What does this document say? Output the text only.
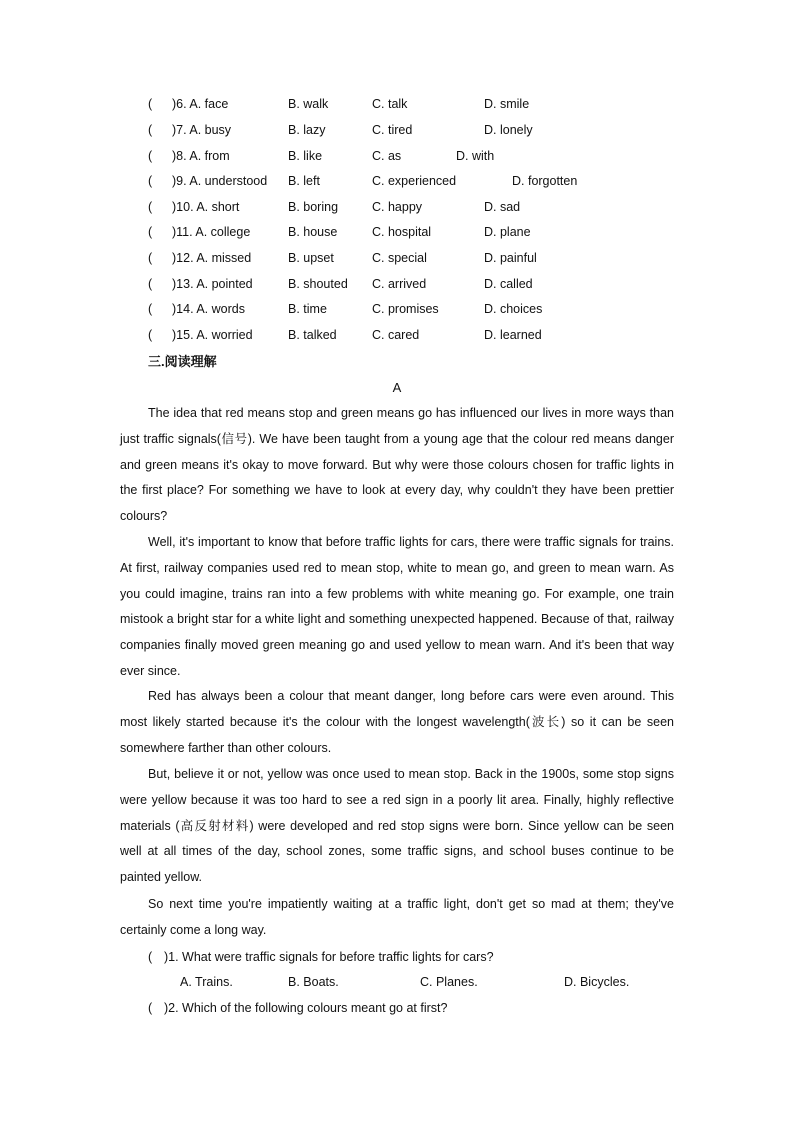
( )6. A. face	B. walk	C. talk	D. smile
( )7. A. busy	B. lazy	C. tired	D. lonely
( )8. A. from	B. like	C. as	D. with
( )9. A. understood B. left	C. experienced	D. forgotten
( )10. A. short	B. boring	C. happy	D. sad
( )11. A. college	B. house	C. hospital	D. plane
( )12. A. missed	B. upset	C. special	D. painful
( )13. A. pointed	B. shouted C. arrived	D. called
( )14. A. words	B. time	C. promises	D. choices
( )15. A. worried	B. talked	C. cared	D. learned
三.阅读理解
A

The idea that red means stop and green means go has influenced our lives in more ways than just traffic signals(信号). We have been taught from a young age that the colour red means danger and green means it's okay to move forward. But why were those colours chosen for traffic lights in the first place? For something we have to look at every day, why couldn't they have been prettier colours?

Well, it's important to know that before traffic lights for cars, there were traffic signals for trains. At first, railway companies used red to mean stop, white to mean go, and green to mean warn. As you could imagine, trains ran into a few problems with white meaning go. For example, one train mistook a bright star for a white light and something unexpected happened. Because of that, railway companies finally moved green meaning go and used yellow to mean warn. And it's been that way ever since.

Red has always been a colour that meant danger, long before cars were even around. This most likely started because it's the colour with the longest wavelength(波长) so it can be seen somewhere farther than other colours.

But, believe it or not, yellow was once used to mean stop. Back in the 1900s, some stop signs were yellow because it was too hard to see a red sign in a poorly lit area. Finally, highly reflective materials (高反射材料) were developed and red stop signs were born. Since yellow can be seen well at all times of the day, school zones, some traffic signs, and school buses continue to be painted yellow.

So next time you're impatiently waiting at a traffic light, don't get so mad at them; they've certainly come a long way.

( )1. What were traffic signals for before traffic lights for cars?
A. Trains.	B. Boats.	C. Planes.	D. Bicycles.
( )2. Which of the following colours meant go at first?
